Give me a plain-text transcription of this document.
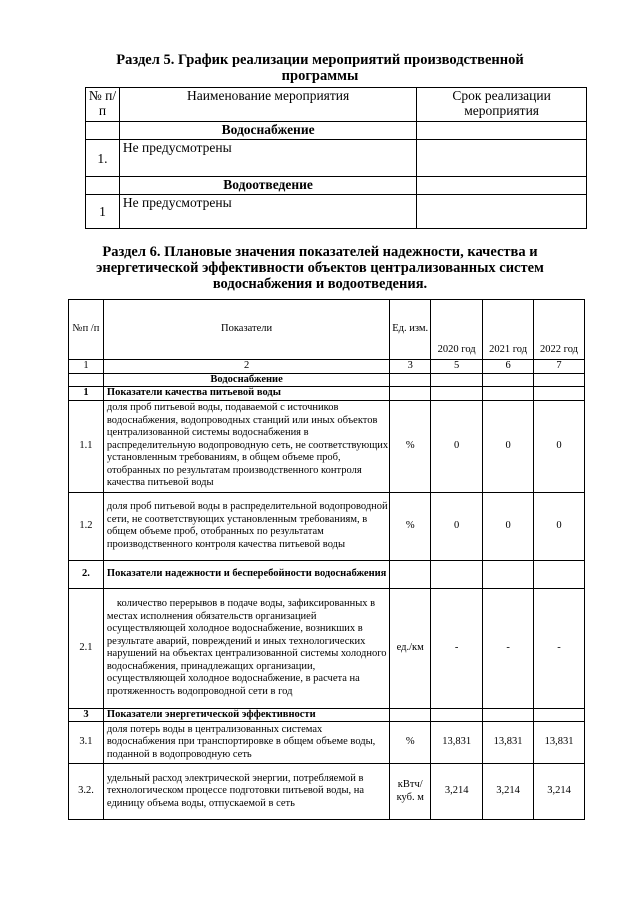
Раздел 5. График реализации мероприятий производственной
программы
№ п/п	Наименование мероприятия	Срок реализации мероприятия
	Водоснабжение	
1.	Не предусмотрены	
	Водоотведение	
1	Не предусмотрены	
Раздел 6. Плановые значения показателей надежности, качества и
энергетической эффективности объектов централизованных систем
водоснабжения и водоотведения.
№п /п	Показатели	Ед. изм.	2020 год	2021 год	2022 год
1	2	3	5	6	7
	Водоснабжение				
1	Показатели качества питьевой воды				
1.1	доля проб питьевой воды, подаваемой с источников водоснабжения, водопроводных станций или иных объектов централизованной системы водоснабжения в распределительную водопроводную сеть, не соответствующих установленным требованиям, в общем объеме проб, отобранных по результатам производственного контроля качества питьевой воды	%	0	0	0
1.2	доля проб питьевой воды в распределительной водопроводной сети, не соответствующих установленным требованиям, в общем объеме проб, отобранных по результатам производственного контроля качества питьевой воды	%	0	0	0
2.	Показатели надежности и бесперебойности водоснабжения				
2.1	количество перерывов в подаче воды, зафиксированных в местах исполнения обязательств организацией осуществляющей холодное водоснабжение, возникших в результате аварий, повреждений и иных технологических нарушений на объектах централизованной системы холодного водоснабжения, принадлежащих организации, осуществляющей холодное водоснабжение, в расчета на протяженность водопроводной сети в год	ед./км	-	-	-
3	Показатели энергетической эффективности				
3.1	доля потерь воды в централизованных системах водоснабжения при транспортировке в общем объеме воды, поданной в водопроводную сеть	%	13,831	13,831	13,831
3.2.	удельный расход электрической энергии, потребляемой в технологическом процессе подготовки питьевой воды, на единицу объема воды, отпускаемой в сеть	кВтч/ куб. м	3,214	3,214	3,214
